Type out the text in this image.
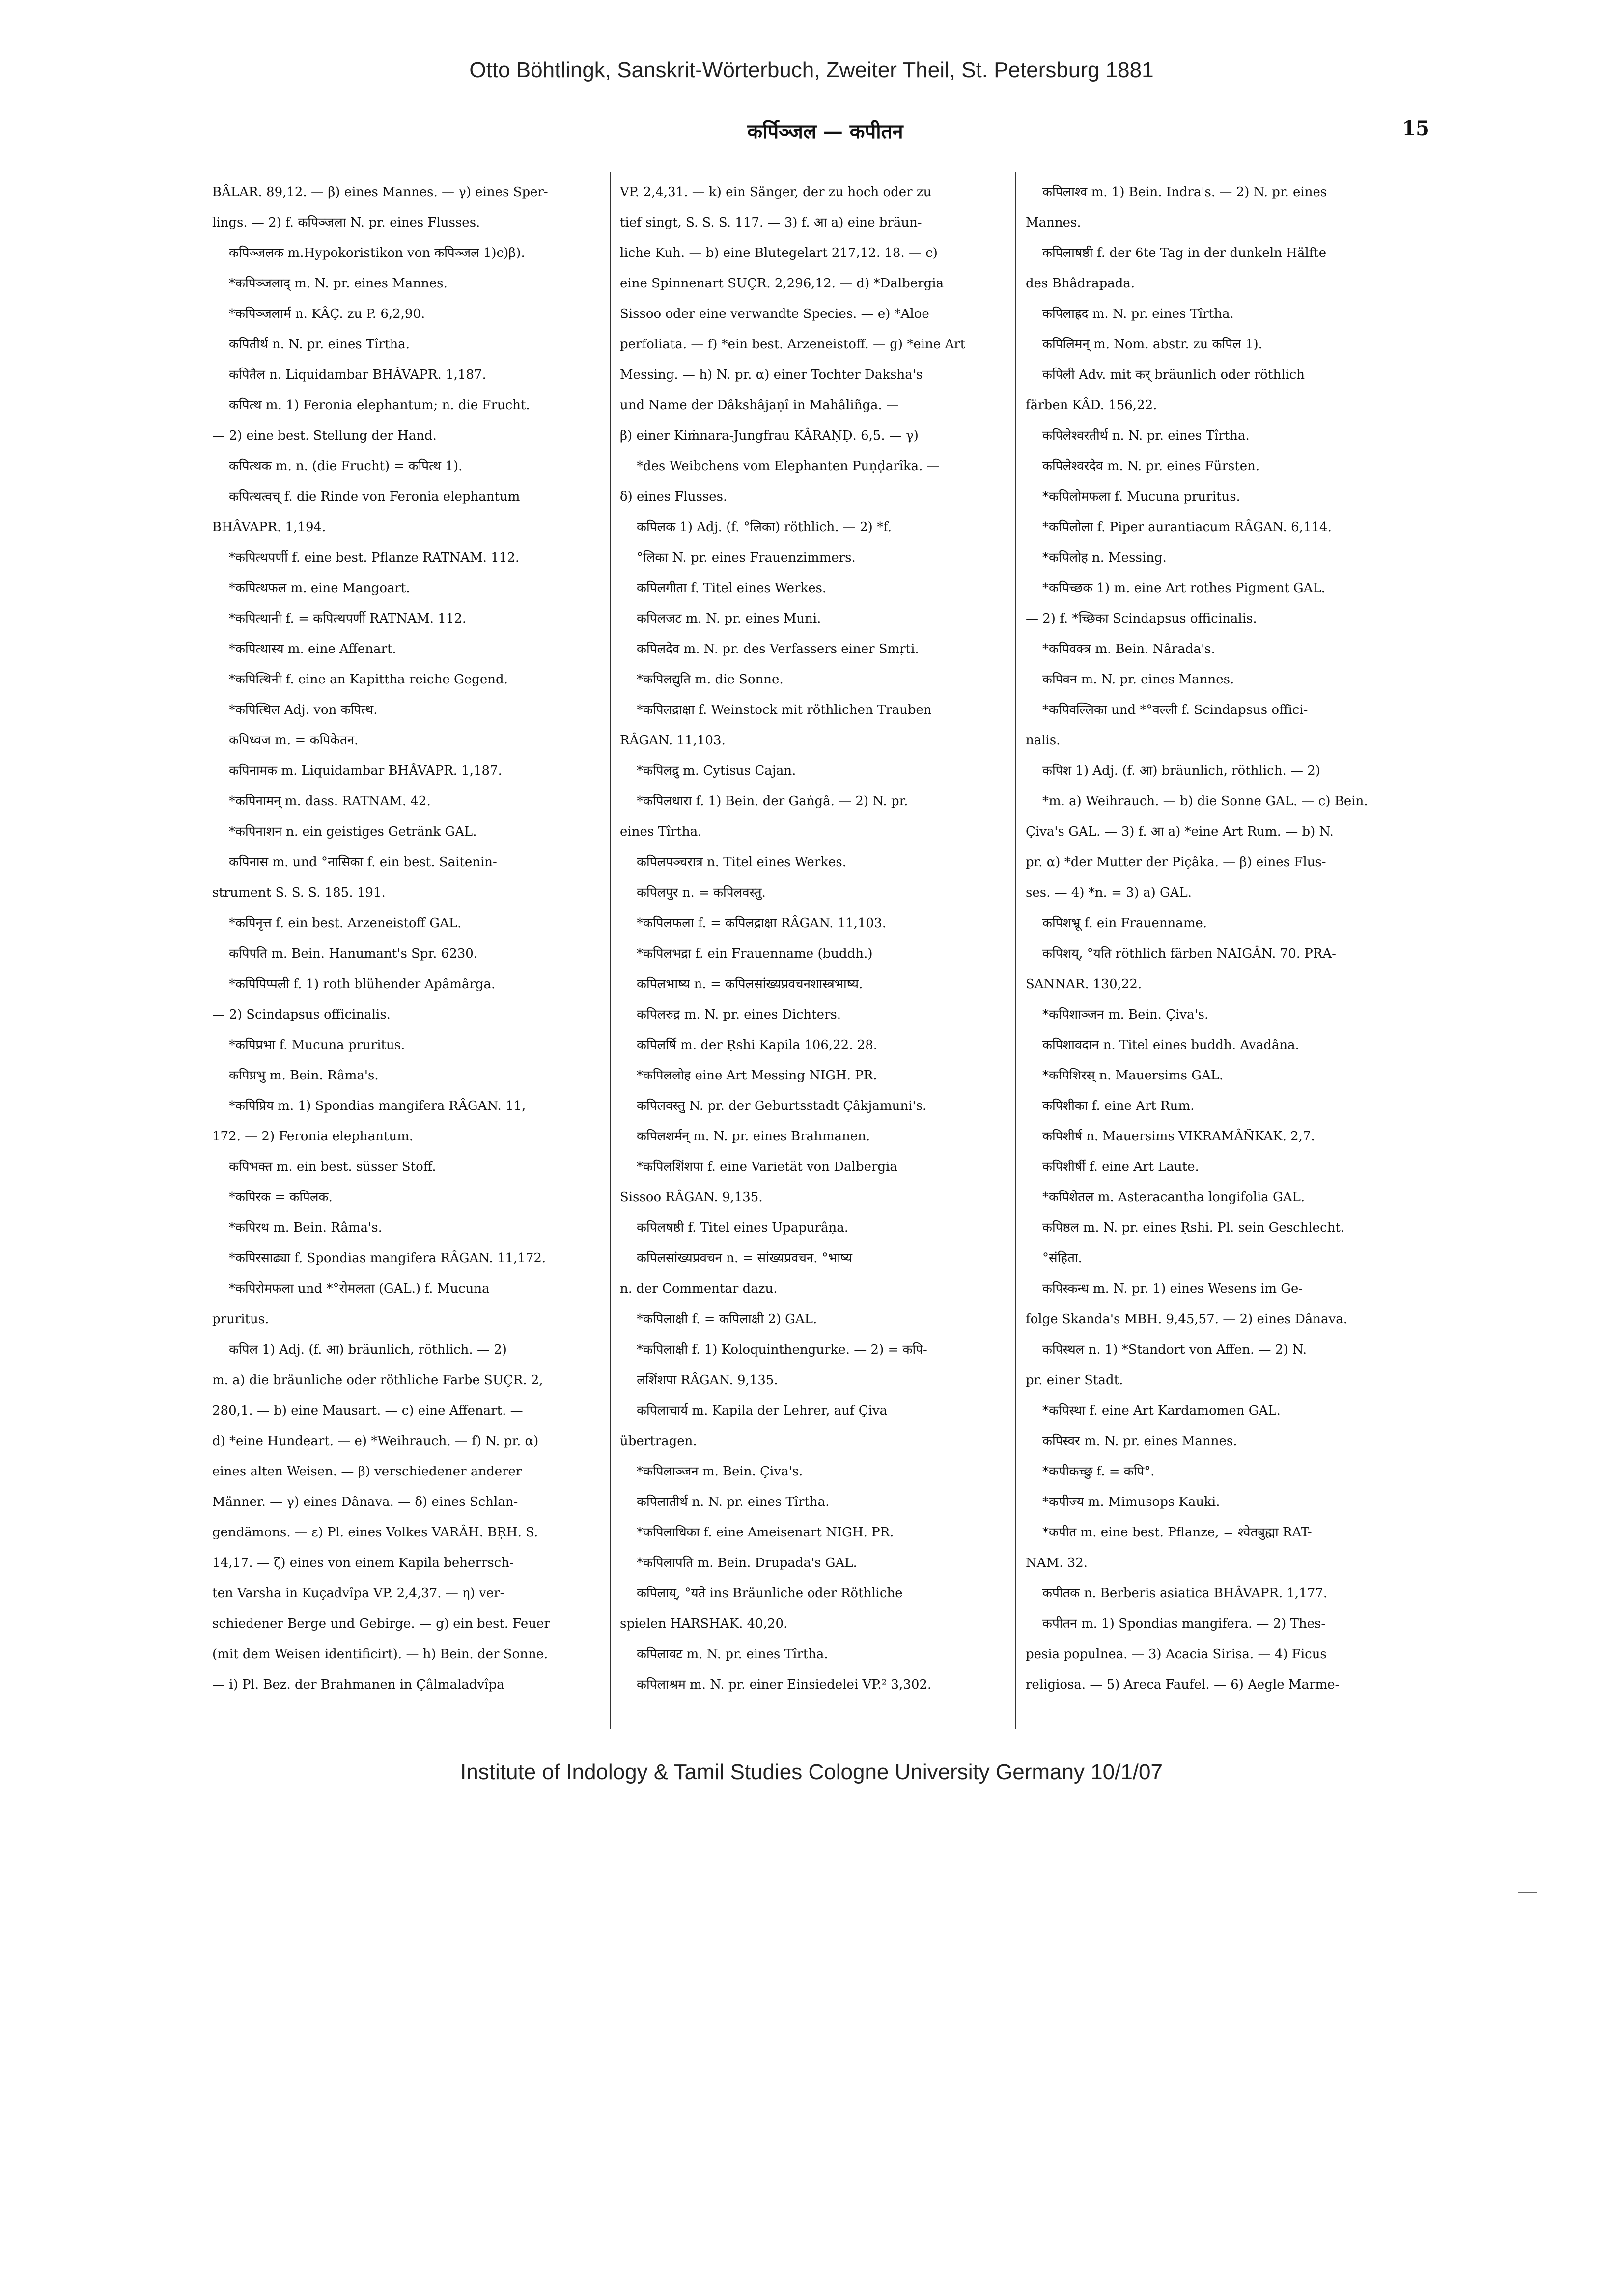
Otto Böhtlingk, Sanskrit-Wörterbuch, Zweiter Theil, St. Petersburg 1881
कर्पिञ्जल — कपीतन	15
BÂLAR. 89,12. — β) eines Mannes. — γ) eines Sper-
lings. — 2) f. कपिञ्जला N. pr. eines Flusses.
कपिञ्जलक m.Hypokoristikon von कपिञ्जल 1)c)β).
*कपिञ्जलाद् m. N. pr. eines Mannes.
*कपिञ्जलार्म n. KÂÇ. zu P. 6,2,90.
कपितीर्थ n. N. pr. eines Tîrtha.
कपितैल n. Liquidambar BHÂVAPR. 1,187.
कपित्थ m. 1) Feronia elephantum; n. die Frucht.
— 2) eine best. Stellung der Hand.
कपित्थक m. n. (die Frucht) = कपित्थ 1).
कपित्थत्वच् f. die Rinde von Feronia elephantum
BHÂVAPR. 1,194.
*कपित्थपर्णी f. eine best. Pflanze RATNAM. 112.
*कपित्थफल m. eine Mangoart.
*कपित्थानी f. = कपित्थपर्णी RATNAM. 112.
*कपित्थास्य m. eine Affenart.
*कपित्थिनी f. eine an Kapittha reiche Gegend.
*कपित्थिल Adj. von कपित्थ.
कपिध्वज m. = कपिकेतन.
कपिनामक m. Liquidambar BHÂVAPR. 1,187.
*कपिनामन् m. dass. RATNAM. 42.
*कपिनाशन n. ein geistiges Getränk GAL.
कपिनास m. und °नासिका f. ein best. Saitenin-
strument S. S. S. 185. 191.
*कपिनृत्त f. ein best. Arzeneistoff GAL.
कपिपति m. Bein. Hanumant's Spr. 6230.
*कपिपिप्पली f. 1) roth blühender Apâmârga.
— 2) Scindapsus officinalis.
*कपिप्रभा f. Mucuna pruritus.
कपिप्रभु m. Bein. Râma's.
*कपिप्रिय m. 1) Spondias mangifera RÂGAN. 11,
172. — 2) Feronia elephantum.
कपिभक्त m. ein best. süsser Stoff.
*कपिरक = कपिलक.
*कपिरथ m. Bein. Râma's.
*कपिरसाढ्या f. Spondias mangifera RÂGAN. 11,172.
*कपिरोमफला und *°रोमलता (GAL.) f. Mucuna
pruritus.
कपिल 1) Adj. (f. आ) bräunlich, röthlich. — 2)
m. a) die bräunliche oder röthliche Farbe SUÇR. 2,
280,1. — b) eine Mausart. — c) eine Affenart. —
d) *eine Hundeart. — e) *Weihrauch. — f) N. pr. α)
eines alten Weisen. — β) verschiedener anderer
Männer. — γ) eines Dânava. — δ) eines Schlan-
gendämons. — ε) Pl. eines Volkes VARÂH. BṚH. S.
14,17. — ζ) eines von einem Kapila beherrsch-
ten Varsha in Kuçadvîpa VP. 2,4,37. — η) ver-
schiedener Berge und Gebirge. — g) ein best. Feuer
(mit dem Weisen identificirt). — h) Bein. der Sonne.
— i) Pl. Bez. der Brahmanen in Çâlmaladvîpa
VP. 2,4,31. — k) ein Sänger, der zu hoch oder zu
tief singt, S. S. S. 117. — 3) f. आ a) eine bräun-
liche Kuh. — b) eine Blutegelart 217,12. 18. — c)
eine Spinnenart SUÇR. 2,296,12. — d) *Dalbergia
Sissoo oder eine verwandte Species. — e) *Aloe
perfoliata. — f) *ein best. Arzeneistoff. — g) *eine Art
Messing. — h) N. pr. α) einer Tochter Daksha's
und Name der Dâkshâjaṇî in Mahâliñga. —
β) einer Kiṁnara-Jungfrau KÂRAṆḌ. 6,5. — γ)
*des Weibchens vom Elephanten Puṇḍarîka. —
δ) eines Flusses.
कपिलक 1) Adj. (f. °लिका) röthlich. — 2) *f.
°लिका N. pr. eines Frauenzimmers.
कपिलगीता f. Titel eines Werkes.
कपिलजट m. N. pr. eines Muni.
कपिलदेव m. N. pr. des Verfassers einer Smṛti.
*कपिलद्युति m. die Sonne.
*कपिलद्राक्षा f. Weinstock mit röthlichen Trauben
RÂGAN. 11,103.
*कपिलद्रु m. Cytisus Cajan.
*कपिलधारा f. 1) Bein. der Gaṅgâ. — 2) N. pr.
eines Tîrtha.
कपिलपञ्चरात्र n. Titel eines Werkes.
कपिलपुर n. = कपिलवस्तु.
*कपिलफला f. = कपिलद्राक्षा RÂGAN. 11,103.
*कपिलभद्रा f. ein Frauenname (buddh.)
कपिलभाष्य n. = कपिलसांख्यप्रवचनशास्त्रभाष्य.
कपिलरुद्र m. N. pr. eines Dichters.
कपिलर्षि m. der Ṛshi Kapila 106,22. 28.
*कपिललोह eine Art Messing NIGH. PR.
कपिलवस्तु N. pr. der Geburtsstadt Çâkjamuni's.
कपिलशर्मन् m. N. pr. eines Brahmanen.
*कपिलशिंशपा f. eine Varietät von Dalbergia
Sissoo RÂGAN. 9,135.
कपिलषष्ठी f. Titel eines Upapurâṇa.
कपिलसांख्यप्रवचन n. = सांख्यप्रवचन. °भाष्य
n. der Commentar dazu.
*कपिलाक्षी f. = कपिलाक्षी 2) GAL.
*कपिलाक्षी f. 1) Koloquinthengurke. — 2) = कपि-
लशिंशपा RÂGAN. 9,135.
कपिलाचार्य m. Kapila der Lehrer, auf Çiva
übertragen.
*कपिलाञ्जन m. Bein. Çiva's.
कपिलातीर्थ n. N. pr. eines Tîrtha.
*कपिलाधिका f. eine Ameisenart NIGH. PR.
*कपिलापति m. Bein. Drupada's GAL.
कपिलाय्, °यते ins Bräunliche oder Röthliche
spielen HARSHAK. 40,20.
कपिलावट m. N. pr. eines Tîrtha.
कपिलाश्रम m. N. pr. einer Einsiedelei VP.² 3,302.
कपिलाश्व m. 1) Bein. Indra's. — 2) N. pr. eines
Mannes.
कपिलाषष्ठी f. der 6te Tag in der dunkeln Hälfte
des Bhâdrapada.
कपिलाह्रद m. N. pr. eines Tîrtha.
कपिलिमन् m. Nom. abstr. zu कपिल 1).
कपिली Adv. mit कर् bräunlich oder röthlich
färben KÂD. 156,22.
कपिलेश्वरतीर्थ n. N. pr. eines Tîrtha.
कपिलेश्वरदेव m. N. pr. eines Fürsten.
*कपिलोमफला f. Mucuna pruritus.
*कपिलोला f. Piper aurantiacum RÂGAN. 6,114.
*कपिलोह n. Messing.
*कपिच्छक 1) m. eine Art rothes Pigment GAL.
— 2) f. *च्छिका Scindapsus officinalis.
*कपिवक्त्र m. Bein. Nârada's.
कपिवन m. N. pr. eines Mannes.
*कपिवल्लिका und *°वल्ली f. Scindapsus offici-
nalis.
कपिश 1) Adj. (f. आ) bräunlich, röthlich. — 2)
*m. a) Weihrauch. — b) die Sonne GAL. — c) Bein.
Çiva's GAL. — 3) f. आ a) *eine Art Rum. — b) N.
pr. α) *der Mutter der Piçâka. — β) eines Flus-
ses. — 4) *n. = 3) a) GAL.
कपिशभ्रू f. ein Frauenname.
कपिशय्, °यति röthlich färben NAIGÂN. 70. PRA-
SANNAR. 130,22.
*कपिशाञ्जन m. Bein. Çiva's.
कपिशावदान n. Titel eines buddh. Avadâna.
*कपिशिरस् n. Mauersims GAL.
कपिशीका f. eine Art Rum.
कपिशीर्ष n. Mauersims VIKRAMÂÑKAK. 2,7.
कपिशीर्षी f. eine Art Laute.
*कपिशेतल m. Asteracantha longifolia GAL.
कपिष्ठल m. N. pr. eines Ṛshi. Pl. sein Geschlecht.
°संहिता.
कपिस्कन्ध m. N. pr. 1) eines Wesens im Ge-
folge Skanda's MBH. 9,45,57. — 2) eines Dânava.
कपिस्थल n. 1) *Standort von Affen. — 2) N.
pr. einer Stadt.
*कपिस्था f. eine Art Kardamomen GAL.
कपिस्वर m. N. pr. eines Mannes.
*कपीकच्छु f. = कपि°.
*कपीज्य m. Mimusops Kauki.
*कपीत m. eine best. Pflanze, = श्वेतबुह्मा RAT-
NAM. 32.
कपीतक n. Berberis asiatica BHÂVAPR. 1,177.
कपीतन m. 1) Spondias mangifera. — 2) Thes-
pesia populnea. — 3) Acacia Sirisa. — 4) Ficus
religiosa. — 5) Areca Faufel. — 6) Aegle Marme-
Institute of Indology & Tamil Studies Cologne University Germany 10/1/07
